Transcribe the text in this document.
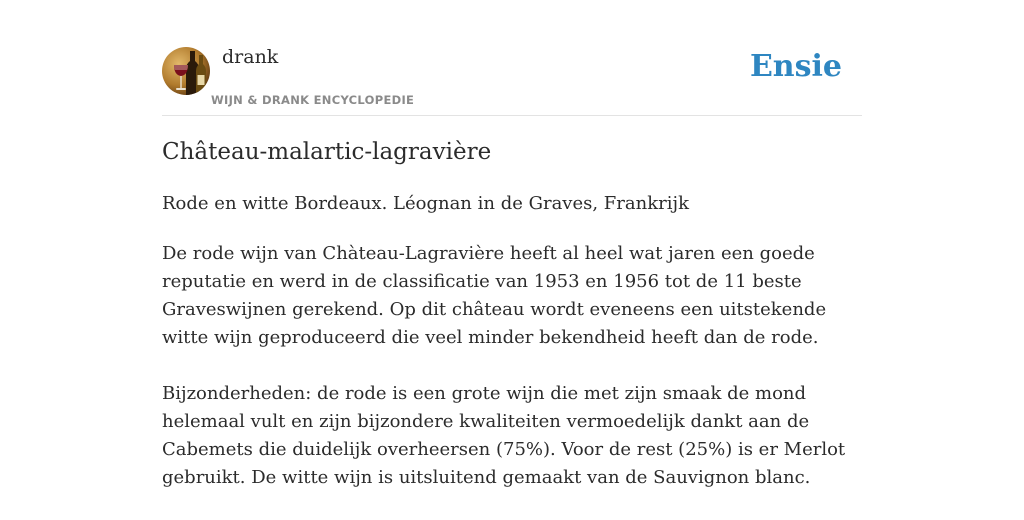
drank
WIJN & DRANK ENCYCLOPEDIE
Ensie
Château-malartic-lagravière
Rode en witte Bordeaux. Léognan in de Graves, Frankrijk

De rode wijn van Chàteau-Lagravière heeft al heel wat jaren een goede reputatie en werd in de classificatie van 1953 en 1956 tot de 11 beste Graveswijnen gerekend. Op dit château wordt eveneens een uitstekende witte wijn geproduceerd die veel minder bekendheid heeft dan de rode.

Bijzonderheden: de rode is een grote wijn die met zijn smaak de mond helemaal vult en zijn bijzondere kwaliteiten vermoedelijk dankt aan de Cabemets die duidelijk overheersen (75%). Voor de rest (25%) is er Merlot gebruikt. De witte wijn is uitsluitend gemaakt van de Sauvignon blanc.
